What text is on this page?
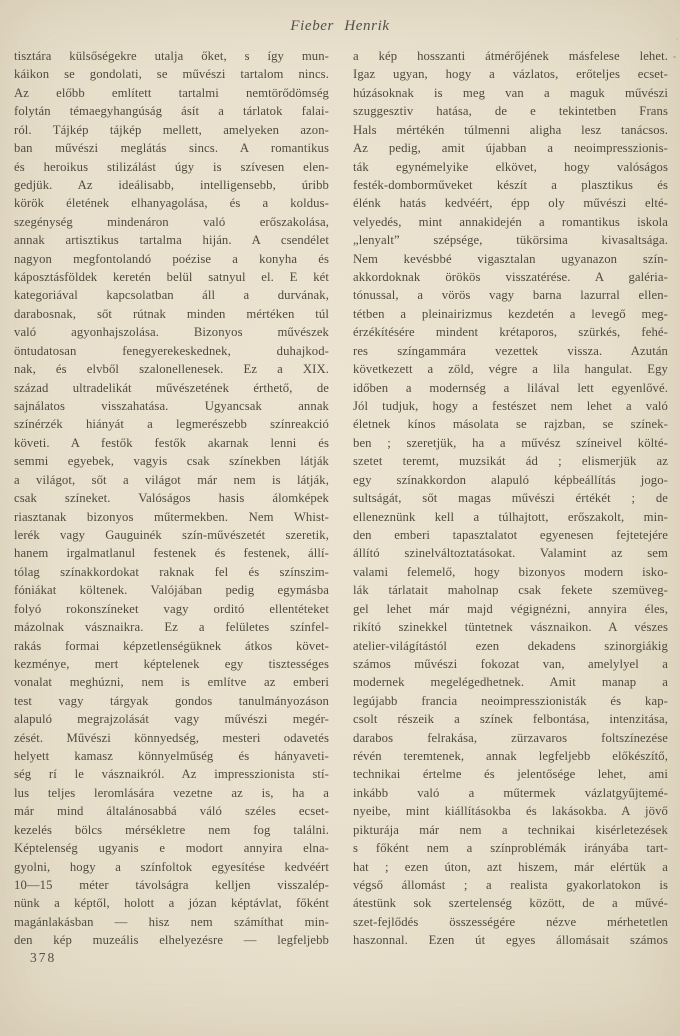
Fieber Henrik
tisztára külsőségekre utalja őket, s így mun-
káikon se gondolati, se művészi tartalom nincs.
Az előbb említett tartalmi nemtörődömség
folytán témaegyhangúság ásít a tárlatok falai-
ról. Tájkép tájkép mellett, amelyeken azon-
ban művészi meglátás sincs. A romantikus
és heroikus stilizálást úgy is szívesen elen-
gedjük. Az ideálisabb, intelligensebb, úribb
körök életének elhanyagolása, és a koldus-
szegénység mindenáron való erőszakolása,
annak artisztikus tartalma hiján. A csendélet
nagyon megfontolandó poézise a konyha és
káposztásföldek keretén belül satnyul el. E két
kategoriával kapcsolatban áll a durvának,
darabosnak, sőt rútnak minden mértéken túl
való agyonhajszolása. Bizonyos művészek
öntudatosan fenegyerekeskednek, duhajkod-
nak, és elvből szalonellenesek. Ez a XIX.
század ultradelikát művészetének érthető, de
sajnálatos visszahatása. Ugyancsak annak
színérzék hiányát a legmerészebb színreakció
követi. A festők festők akarnak lenni és
semmi egyebek, vagyis csak színekben látják
a világot, sőt a világot már nem is látják,
csak színeket. Valóságos hasis álomképek
riasztanak bizonyos műtermekben. Nem Whist-
lerék vagy Gauguinék szín-művészetét szeretik,
hanem irgalmatlanul festenek és festenek, állí-
tólag színakkordokat raknak fel és színszim-
fóniákat költenek. Valójában pedig egymásba
folyó rokonszíneket vagy orditó ellentéteket
mázolnak vásznaikra. Ez a felületes színfel-
rakás formai képzetlenségüknek átkos követ-
kezménye, mert képtelenek egy tisztességes
vonalat meghúzni, nem is említve az emberi
test vagy tárgyak gondos tanulmányozáson
alapuló megrajzolását vagy művészi megér-
zését. Művészi könnyedség, mesteri odavetés
helyett kamasz könnyelműség és hányaveti-
ség rí le vásznaikról. Az impresszionista stí-
lus teljes leromlására vezetne az is, ha a
már mind általánosabbá váló széles ecset-
kezelés bölcs mérsékletre nem fog találni.
Képtelenség ugyanis e modort annyira elna-
gyolni, hogy a színfoltok egyesítése kedvéért
10—15 méter távolságra kelljen visszalép-
nünk a képtől, holott a józan képtávlat, főként
magánlakásban — hisz nem számíthat min-
den kép muzeális elhelyezésre — legfeljebb
a kép hosszanti átmérőjének másfelese lehet.
Igaz ugyan, hogy a vázlatos, erőteljes ecset-
húzásoknak is meg van a maguk művészi
szuggesztiv hatása, de e tekintetben Frans
Hals mértékén túlmenni aligha lesz tanácsos.
Az pedig, amit újabban a neoimpresszionis-
ták egynémelyike elkövet, hogy valóságos
festék-domborműveket készít a plasztikus és
élénk hatás kedvéért, épp oly művészi elté-
velyedés, mint annakidején a romantikus iskola
„lenyalt” szépsége, tükörsima kivasaltsága.
Nem kevésbbé vigasztalan ugyanazon szín-
akkordoknak örökös visszatérése. A galéria-
tónussal, a vörös vagy barna lazurral ellen-
tétben a pleinairizmus kezdetén a levegő meg-
érzékítésére mindent krétaporos, szürkés, fehé-
res színgammára vezettek vissza. Azután
következett a zöld, végre a lila hangulat. Egy
időben a modernség a lilával lett egyenlővé.
Jól tudjuk, hogy a festészet nem lehet a való
életnek kínos másolata se rajzban, se színek-
ben ; szeretjük, ha a művész színeivel költé-
szetet teremt, muzsikát ád ; elismerjük az
egy színakkordon alapuló képbeállítás jogo-
sultságát, sőt magas művészi értékét ; de
elleneznünk kell a túlhajtott, erőszakolt, min-
den emberi tapasztalatot egyenesen fejtetejére
állító szinelváltoztatásokat. Valamint az sem
valami felemelő, hogy bizonyos modern isko-
lák tárlatait maholnap csak fekete szemüveg-
gel lehet már majd végignézni, annyira éles,
rikító szinekkel tüntetnek vásznaikon. A vészes
atelier-világítástól ezen dekadens szinorgiákig
számos művészi fokozat van, amelylyel a
modernek megelégedhetnek. Amit manap a
legújabb francia neoimpresszionisták és kap-
csolt részeik a színek felbontása, intenzitása,
darabos felrakása, zürzavaros foltszínezése
révén teremtenek, annak legfeljebb előkészítő,
technikai értelme és jelentősége lehet, ami
inkább való a műtermek vázlatgyűjtemé-
nyeibe, mint kiállításokba és lakásokba. A jövő
pikturája már nem a technikai kisérletezések
s főként nem a színproblémák irányába tart-
hat ; ezen úton, azt hiszem, már elértük a
végső állomást ; a realista gyakorlatokon is
átestünk sok szertelenség között, de a művé-
szet-fejlődés összességére nézve mérhetetlen
haszonnal. Ezen út egyes állomásait számos
378
